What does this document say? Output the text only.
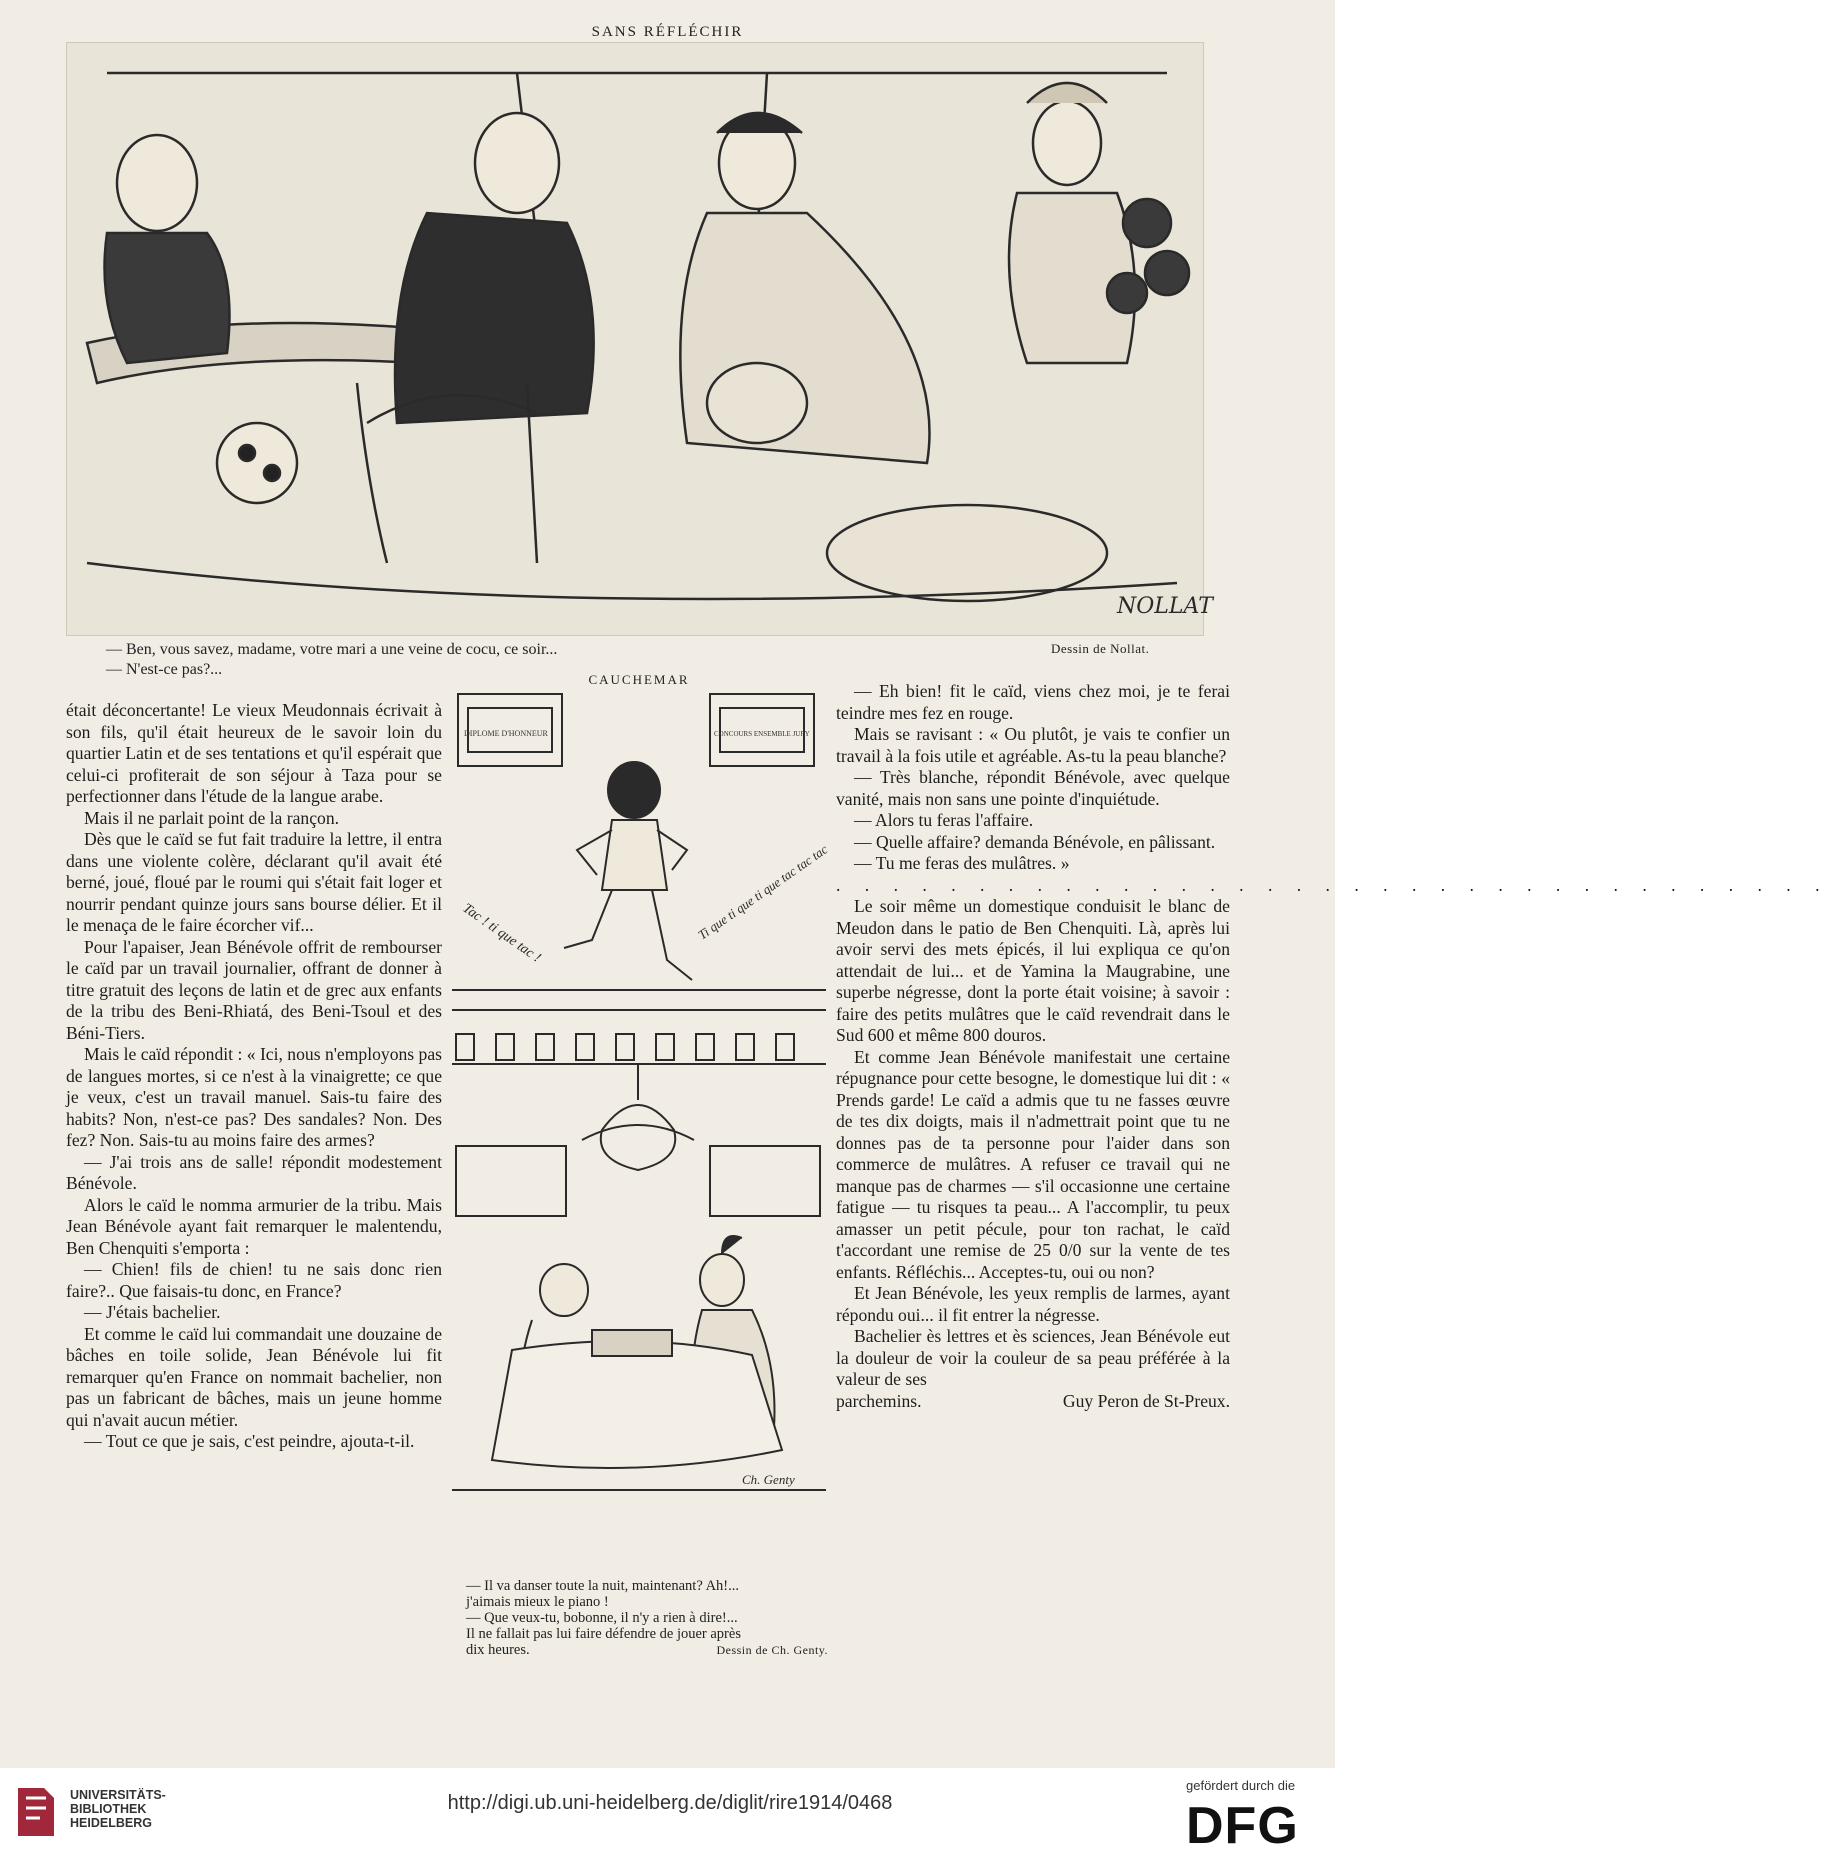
SANS RÉFLÉCHIR
NOLLAT
— Ben, vous savez, madame, votre mari a une veine de cocu, ce soir...
— N'est-ce pas?...
Dessin de Nollat.

était déconcertante! Le vieux Meudonnais écrivait à son fils, qu'il était heureux de le savoir loin du quartier Latin et de ses tentations et qu'il espérait que celui-ci profiterait de son séjour à Taza pour se perfectionner dans l'étude de la langue arabe.

Mais il ne parlait point de la rançon.

Dès que le caïd se fut fait traduire la lettre, il entra dans une violente colère, déclarant qu'il avait été berné, joué, floué par le roumi qui s'était fait loger et nourrir pendant quinze jours sans bourse délier. Et il le menaça de le faire écorcher vif...

Pour l'apaiser, Jean Bénévole offrit de rembourser le caïd par un travail journalier, offrant de donner à titre gratuit des leçons de latin et de grec aux enfants de la tribu des Beni-Rhiatá, des Beni-Tsoul et des Béni-Tiers.

Mais le caïd répondit : « Ici, nous n'employons pas de langues mortes, si ce n'est à la vinaigrette; ce que je veux, c'est un travail manuel. Sais-tu faire des habits? Non, n'est-ce pas? Des sandales? Non. Des fez? Non. Sais-tu au moins faire des armes?

— J'ai trois ans de salle! répondit modestement Bénévole.

Alors le caïd le nomma armurier de la tribu. Mais Jean Bénévole ayant fait remarquer le malentendu, Ben Chenquiti s'emporta :

— Chien! fils de chien! tu ne sais donc rien faire?.. Que faisais-tu donc, en France?

— J'étais bachelier.

Et comme le caïd lui commandait une douzaine de bâches en toile solide, Jean Bénévole lui fit remarquer qu'en France on nommait bachelier, non pas un fabricant de bâches, mais un jeune homme qui n'avait aucun métier.

— Tout ce que je sais, c'est peindre, ajouta-t-il.

CAUCHEMAR
DIPLOME D'HONNEUR	CONCOURS ENSEMBLE JURY
Tac ! ti que tac !	Ti que ti que ti que tac tac tac
Ch. Genty
— Il va danser toute la nuit, maintenant? Ah!...
j'aimais mieux le piano !
— Que veux-tu, bobonne, il n'y a rien à dire!...
Il ne fallait pas lui faire défendre de jouer après
dix heures.	Dessin de Ch. Genty.

— Eh bien! fit le caïd, viens chez moi, je te ferai teindre mes fez en rouge.

Mais se ravisant : « Ou plutôt, je vais te confier un travail à la fois utile et agréable. As-tu la peau blanche?

— Très blanche, répondit Bénévole, avec quelque vanité, mais non sans une pointe d'inquiétude.

— Alors tu feras l'affaire.

— Quelle affaire? demanda Bénévole, en pâlissant.

— Tu me feras des mulâtres. »

. . . . . . . . . . . . . . . . . . . . . . . . . . . . . . . . . . .

Le soir même un domestique conduisit le blanc de Meudon dans le patio de Ben Chenquiti. Là, après lui avoir servi des mets épicés, il lui expliqua ce qu'on attendait de lui... et de Yamina la Maugrabine, une superbe négresse, dont la porte était voisine; à savoir : faire des petits mulâtres que le caïd revendrait dans le Sud 600 et même 800 douros.

Et comme Jean Bénévole manifestait une certaine répugnance pour cette besogne, le domestique lui dit : « Prends garde! Le caïd a admis que tu ne fasses œuvre de tes dix doigts, mais il n'admettrait point que tu ne donnes pas de ta personne pour l'aider dans son commerce de mulâtres. A refuser ce travail qui ne manque pas de charmes — s'il occasionne une certaine fatigue — tu risques ta peau... A l'accomplir, tu peux amasser un petit pécule, pour ton rachat, le caïd t'accordant une remise de 25 0/0 sur la vente de tes enfants. Réfléchis... Acceptes-tu, oui ou non?

Et Jean Bénévole, les yeux remplis de larmes, ayant répondu oui... il fit entrer la négresse.

Bachelier ès lettres et ès sciences, Jean Bénévole eut la douleur de voir la couleur de sa peau préférée à la valeur de ses

parchemins.	Guy Peron de St-Preux.

UNIVERSITÄTS-
BIBLIOTHEK
HEIDELBERG
http://digi.ub.uni-heidelberg.de/diglit/rire1914/0468
gefördert durch die
DFG
